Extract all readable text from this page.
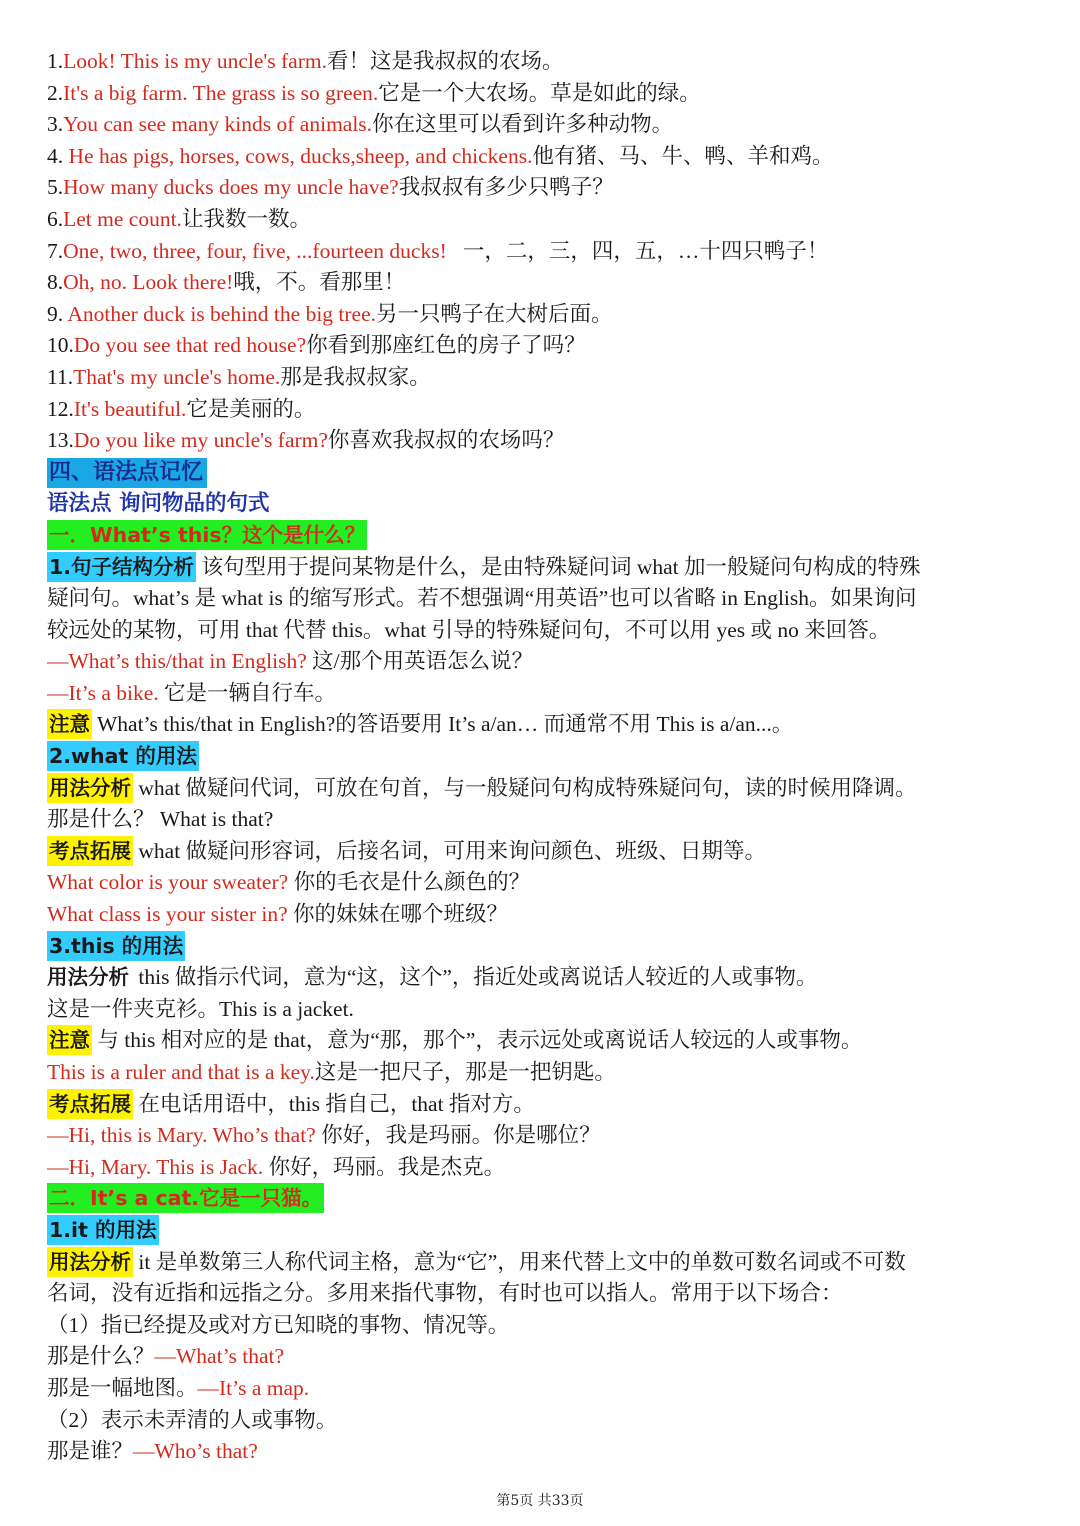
1.Look! This is my uncle's farm.看！这是我叔叔的农场。
2.It's a big farm. The grass is so green.它是一个大农场。草是如此的绿。
3.You can see many kinds of animals.你在这里可以看到许多种动物。
4. He has pigs, horses, cows, ducks,sheep, and chickens.他有猪、马、牛、鸭、羊和鸡。
5.How many ducks does my uncle have?我叔叔有多少只鸭子？
6.Let me count.让我数一数。
7.One, two, three, four, five, ...fourteen ducks!   一，二，三，四，五，…十四只鸭子！
8.Oh, no. Look there!哦，不。看那里！
9. Another duck is behind the big tree.另一只鸭子在大树后面。
10.Do you see that red house?你看到那座红色的房子了吗？
11.That's my uncle's home.那是我叔叔家。
12.It's beautiful.它是美丽的。
13.Do you like my uncle's farm?你喜欢我叔叔的农场吗？
四、语法点记忆
语法点 询问物品的句式
一．What’s this？这个是什么？
1.句子结构分析 该句型用于提问某物是什么，是由特殊疑问词 what 加一般疑问句构成的特殊
疑问句。what’s 是 what is 的缩写形式。若不想强调“用英语”也可以省略 in English。如果询问
较远处的某物，可用 that 代替 this。what 引导的特殊疑问句，不可以用 yes 或 no 来回答。
—What’s this/that in English? 这/那个用英语怎么说？
—It’s a bike. 它是一辆自行车。
注意 What’s this/that in English?的答语要用 It’s a/an… 而通常不用 This is a/an...。
2.what 的用法
用法分析 what 做疑问代词，可放在句首，与一般疑问句构成特殊疑问句，读的时候用降调。
那是什么？ What is that?
考点拓展 what 做疑问形容词，后接名词，可用来询问颜色、班级、日期等。
What color is your sweater? 你的毛衣是什么颜色的？
What class is your sister in? 你的妹妹在哪个班级？
3.this 的用法
用法分析 this 做指示代词，意为“这，这个”，指近处或离说话人较近的人或事物。
这是一件夹克衫。This is a jacket.
注意 与 this 相对应的是 that，意为“那，那个”，表示远处或离说话人较远的人或事物。
This is a ruler and that is a key.这是一把尺子，那是一把钥匙。
考点拓展 在电话用语中，this 指自己，that 指对方。
—Hi, this is Mary. Who’s that? 你好，我是玛丽。你是哪位？
—Hi, Mary. This is Jack. 你好，玛丽。我是杰克。
二．It’s a cat.它是一只猫。
1.it 的用法
用法分析 it 是单数第三人称代词主格，意为“它”，用来代替上文中的单数可数名词或不可数
名词，没有近指和远指之分。多用来指代事物，有时也可以指人。常用于以下场合：
（1）指已经提及或对方已知晓的事物、情况等。
那是什么？—What’s that?
那是一幅地图。—It’s a map.
（2）表示未弄清的人或事物。
那是谁？—Who’s that?
第5页 共33页
